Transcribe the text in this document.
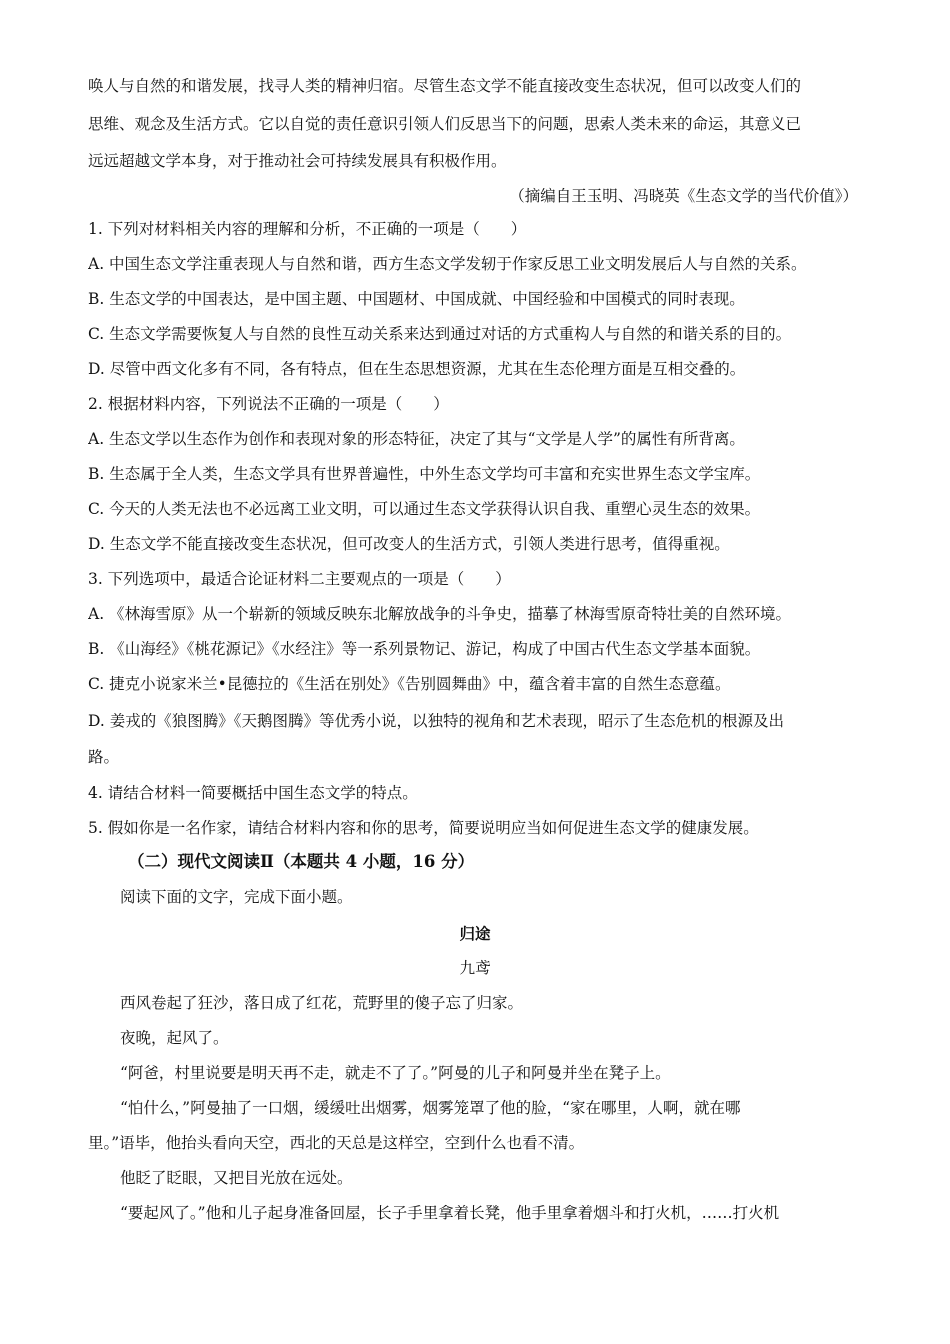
唤人与自然的和谐发展，找寻人类的精神归宿。尽管生态文学不能直接改变生态状况，但可以改变人们的
思维、观念及生活方式。它以自觉的责任意识引领人们反思当下的问题，思索人类未来的命运，其意义已
远远超越文学本身，对于推动社会可持续发展具有积极作用。
（摘编自王玉明、冯晓英《生态文学的当代价值》）
1. 下列对材料相关内容的理解和分析，不正确的一项是（　　）
A. 中国生态文学注重表现人与自然和谐，西方生态文学发轫于作家反思工业文明发展后人与自然的关系。
B. 生态文学的中国表达，是中国主题、中国题材、中国成就、中国经验和中国模式的同时表现。
C. 生态文学需要恢复人与自然的良性互动关系来达到通过对话的方式重构人与自然的和谐关系的目的。
D. 尽管中西文化多有不同，各有特点，但在生态思想资源，尤其在生态伦理方面是互相交叠的。
2. 根据材料内容，下列说法不正确的一项是（　　）
A. 生态文学以生态作为创作和表现对象的形态特征，决定了其与“文学是人学”的属性有所背离。
B. 生态属于全人类，生态文学具有世界普遍性，中外生态文学均可丰富和充实世界生态文学宝库。
C. 今天的人类无法也不必远离工业文明，可以通过生态文学获得认识自我、重塑心灵生态的效果。
D. 生态文学不能直接改变生态状况，但可改变人的生活方式，引领人类进行思考，值得重视。
3. 下列选项中，最适合论证材料二主要观点的一项是（　　）
A. 《林海雪原》从一个崭新的领域反映东北解放战争的斗争史，描摹了林海雪原奇特壮美的自然环境。
B. 《山海经》《桃花源记》《水经注》等一系列景物记、游记，构成了中国古代生态文学基本面貌。
C. 捷克小说家米兰•昆德拉的《生活在别处》《告别圆舞曲》中，蕴含着丰富的自然生态意蕴。
D. 姜戎的《狼图腾》《天鹅图腾》等优秀小说，以独特的视角和艺术表现，昭示了生态危机的根源及出
路。
4. 请结合材料一简要概括中国生态文学的特点。
5. 假如你是一名作家，请结合材料内容和你的思考，简要说明应当如何促进生态文学的健康发展。
（二）现代文阅读Ⅱ（本题共 4 小题，16 分）
阅读下面的文字，完成下面小题。
归途
九鸢
西风卷起了狂沙，落日成了红花，荒野里的傻子忘了归家。
夜晚，起风了。
“阿爸，村里说要是明天再不走，就走不了了。”阿曼的儿子和阿曼并坐在凳子上。
“怕什么，”阿曼抽了一口烟，缓缓吐出烟雾，烟雾笼罩了他的脸，“家在哪里，人啊，就在哪
里。”语毕，他抬头看向天空，西北的天总是这样空，空到什么也看不清。
他眨了眨眼，又把目光放在远处。
“要起风了。”他和儿子起身准备回屋，长子手里拿着长凳，他手里拿着烟斗和打火机，……打火机
